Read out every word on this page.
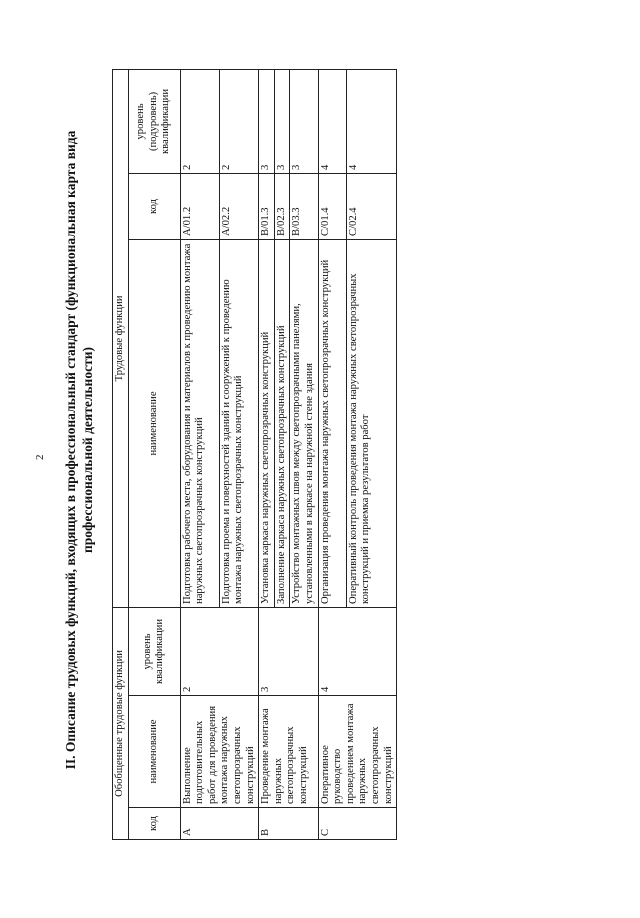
2 II. Описание трудовых функций, входящих в профессиональный стандарт (функциональная карта вида профессиональной деятельности)
Обобщенные трудовые функции			Трудовые функции		
код	наименование	уровень квалификации	наименование	код	уровень (подуровень) квалификации
A	Выполнение подготовительных работ для проведения монтажа наружных светопрозрачных конструкций	2	Подготовка рабочего места, оборудования и материалов к проведению монтажа наружных светопрозрачных конструкций	A/01.2	2
			Подготовка проема и поверхностей зданий и сооружений к проведению монтажа наружных светопрозрачных конструкций	A/02.2	2
B	Проведение монтажа наружных светопрозрачных конструкций	3	Установка каркаса наружных светопрозрачных конструкций	B/01.3	3
			Заполнение каркаса наружных светопрозрачных конструкций	B/02.3	3
			Устройство монтажных швов между светопрозрачными панелями, установленными в каркасе на наружной стене здания	B/03.3	3
C	Оперативное руководство проведением монтажа наружных светопрозрачных конструкций	4	Организация проведения монтажа наружных светопрозрачных конструкций	C/01.4	4
			Оперативный контроль проведения монтажа наружных светопрозрачных конструкций и приемка результатов работ	C/02.4	4
